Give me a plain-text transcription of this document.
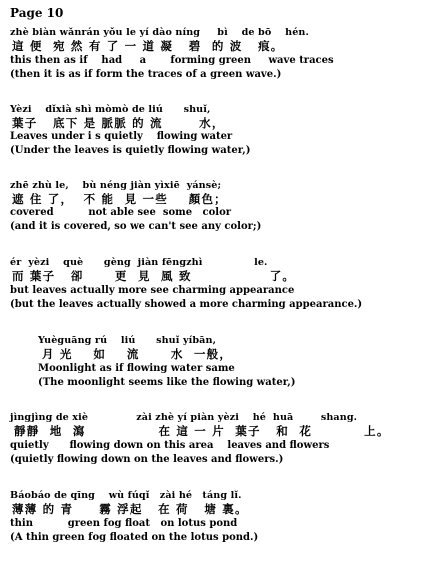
Page 10
zhè biàn wǎnrán yǒu le yí dào níng     bì    de bō    hén.
這 便  宛 然 有 了 一 道 凝   碧  的 波   痕。
this then as if    had     a       forming green     wave traces
(then it is as if form the traces of a green wave.)
Yèzi    dǐxià shì mòmò de liú      shuǐ,
葉子   底下 是 脈脈 的 流       水，
Leaves under i s quietly    flowing water
(Under the leaves is quietly flowing water,)
zhē zhù le,    bù néng jiàn yìxiē  yánsè;
遮 住 了，  不 能  見 一些    顏色；
covered          not able see  some   color
(and it is covered, so we can't see any color;)
ér  yèzi    què      gèng  jiàn fēngzhì               le.
而 葉子   卻      更  見  風 致               了。
but leaves actually more see charming appearance
(but the leaves actually showed a more charming appearance.)
Yuèguāng rú    liú      shuǐ yíbān,
月 光    如    流      水  一般，
Moonlight as if flowing water same
(The moonlight seems like the flowing water,)
jìngjìng de xiè              zài zhè yí piàn yèzi    hé  huā        shang.
靜靜  地  瀉              在 這 一 片  葉子   和  花          上。
quietly      flowing down on this area    leaves and flowers
(quietly flowing down on the leaves and flowers.)
Báobáo de qīng    wù fúqǐ   zài hé   táng lǐ.
薄薄 的 青     霧 浮起   在 荷   塘 裏。
thin          green fog float   on lotus pond
(A thin green fog floated on the lotus pond.)
